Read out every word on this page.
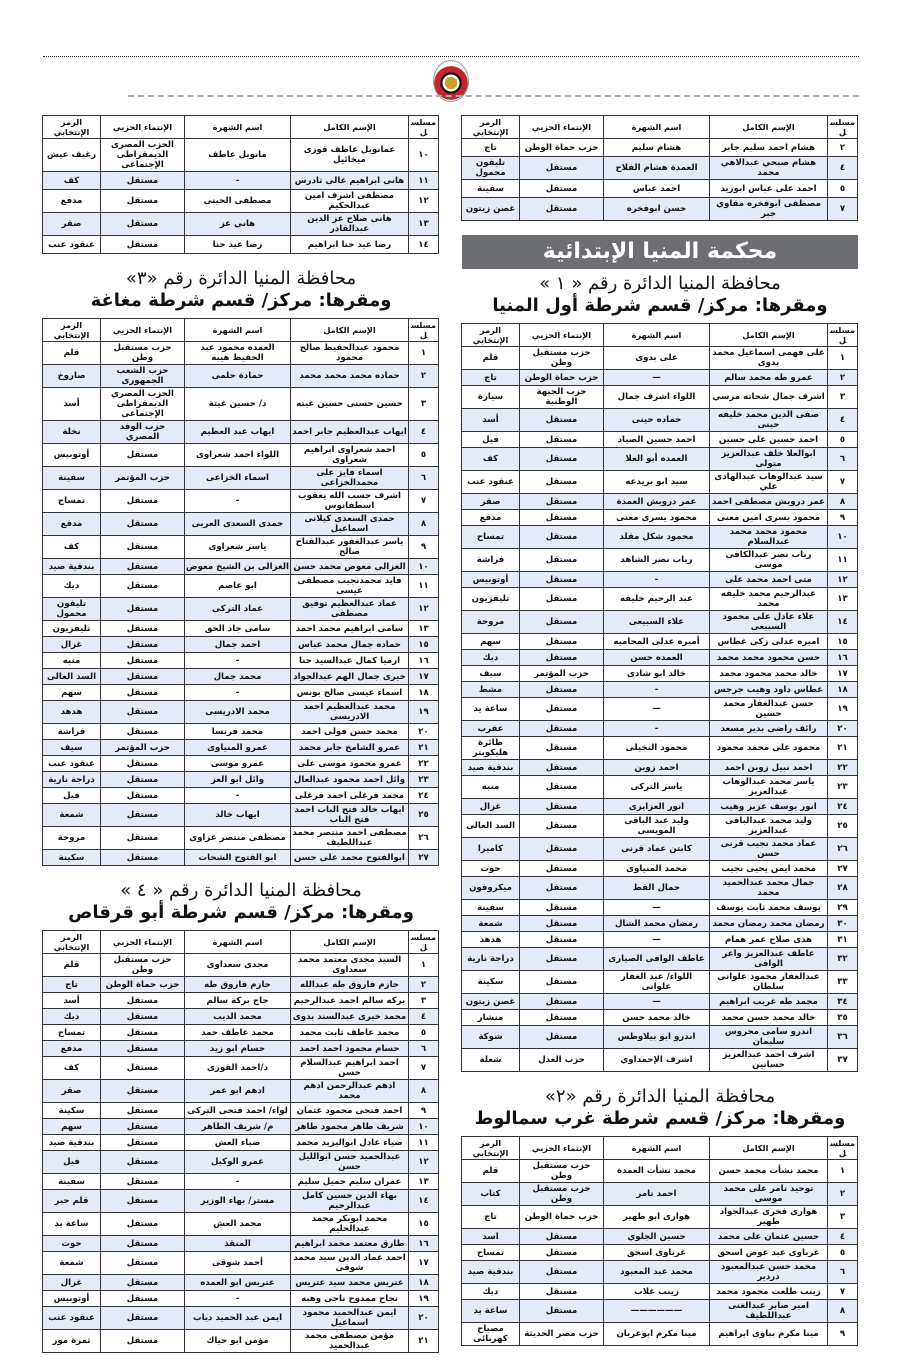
مسلسل	الإسم الكامل	اسم الشهرة	الإنتماء الحزبي	الرمز الإنتخابي
٢	هشام احمد سليم جابر	هشام سليم	حزب حماة الوطن	تاج
٤	هشام صبحي عبدالاهي محمد	العمدة هشام الفلاح	مستقل	تليفون محمول
٥	احمد على عباس ابوزيد	احمد عباس	مستقل	سفينة
٧	مصطفى ابوفخره مقاوي جبر	حسن ابوفخره	مستقل	غصن زيتون
محكمة المنيا الإبتدائية
محافظة المنيا الدائرة رقم « ١ »
ومقرها: مركز/ قسم شرطة أول المنيا
مسلسل	الإسم الكامل	اسم الشهرة	الإنتماء الحزبي	الرمز الإنتخابي
١	على فهمى اسماعيل محمد بدوى	على بدوى	حزب مستقبل وطن	قلم
٢	عمرو طه محمد سالم	—	حزب حماة الوطن	تاج
٣	اشرف جمال شحاته مرسي	اللواء اشرف جمال	حزب الجبهة الوطنية	سيارة
٤	صفى الدين محمد خليفه حينى	حماده حينى	مستقل	أسد
٥	احمد حسين على حسين	احمد حسين الصياد	مستقل	فيل
٦	ابوالعلا خلف عبدالعزيز متولى	العمده أبو العلا	مستقل	كف
٧	سيد عبدالوهاب عبدالهادى علي	سيد ابو بريدعه	مستقل	عنقود عنب
٨	عمر درويش مصطفى احمد	عمر درويش العمدة	مستقل	صقر
٩	محمود يسرى امين معنى	محمود يسرى معنى	مستقل	مدفع
١٠	محمود محمد محمد عبدالسلام	محمود شكل مقلد	مستقل	تمساح
١١	رباب نصر عبدالكافى موسى	رباب نصر الشاهد	مستقل	فراشة
١٢	متى احمد محمد على	-	مستقل	أوتوبيس
١٣	عبدالرحيم محمد خليفه محمد	عبد الرحيم خليفه	مستقل	تليفزيون
١٤	علاء عادل على محمود السبيعى	علاء السبيعى	مستقل	مروحة
١٥	اميره عدلى زكى غطاس	أميره عدلى المحاميه	مستقل	سهم
١٦	حسن محمود محمد محمد	العمده حسن	مستقل	ديك
١٧	خالد محمد محمود محمد	خالد ابو شادى	حزب المؤتمر	سيف
١٨	غطاس داود وهيب جرجس	-	مستقل	مشط
١٩	حسن عبدالغفار محمد حسين	—	مستقل	ساعة يد
٢٠	رائف راضى بدير مسعد	-	مستقل	عقرب
٢١	محمود على محمد محمود	محمود النخيلى	مستقل	طائرة هليكوبتر
٢٢	احمد نبيل زوين احمد	احمد زوين	مستقل	بندقية صيد
٢٣	ياسر محمد عبدالوهاب عبدالعزيز	ياسر التركى	مستقل	منبه
٢٤	انور يوسف عزيز وهيب	انور العزايزى	مستقل	غزال
٢٥	وليد محمد عبدالباقى عبدالعزيز	وليد عبد الباقى المويسى	مستقل	السد العالى
٢٦	عماد محمد نجيب قرنى حسن	كابتن عماد قرنى	مستقل	كاميرا
٢٧	محمد ايمن يحيى نجيب	محمد المنياوى	مستقل	حوت
٢٨	جمال محمد عبدالحميد محمد	جمال القط	مستقل	ميكروفون
٢٩	يوسف محمد ثابت يوسف	—	مستقل	سفينة
٣٠	رمضان محمد رمضان محمد	رمضان محمد الشال	مستقل	شمعة
٣١	هدى صلاح عمر همام	—	مستقل	هدهد
٣٢	عاطف عبدالعزيز واعر الوافى	عاطف الوافى الصيارى	مستقل	دراجة نارية
٣٣	عبدالغفار محمود علوانى سلطان	اللواء/ عبد الغفار علوانى	مستقل	سكينة
٣٤	محمد طه غريب ابراهيم	—	مستقل	غصن زيتون
٣٥	خالد محمد حسن محمد	خالد محمد حسن	مستقل	منشار
٣٦	اندرو سامى محروس سليمان	اندرو ابو بيلاوطس	مستقل	شوكة
٣٧	اشرف احمد عبدالعزيز حسانين	اشرف الإحمداوي	حزب العدل	شعلة
محافظة المنيا الدائرة رقم «٢»
ومقرها: مركز/ قسم شرطة غرب سمالوط
مسلسل	الإسم الكامل	اسم الشهرة	الإنتماء الحزبي	الرمز الإنتخابي
١	محمد نشأت محمد حسن	محمد نشأت العمدة	حزب مستقبل وطن	قلم
٢	توحيد تامر على محمد موسى	احمد تامر	حزب مستقبل وطن	كتاب
٣	هوارى فخرى عبدالجواد طهير	هوارى ابو طهير	حزب حماة الوطن	تاج
٤	حسين عثمان على محمد	حسين الجلوي	مستقل	اسد
٥	غرباوى عبد عوض اسحق	غرباوى اسحق	مستقل	تمساح
٦	محمد حسن عبدالمعبود دردير	محمد عبد المعبود	مستقل	بندقية صيد
٧	زينب طلعت محمود محمد	زينب غلاب	مستقل	ديك
٨	امير صابر عبدالغنى عبداللطيف	——————	مستقل	ساعة يد
٩	مينا مكرم بباوى ابراهيم	مينا مكرم ابوعريان	حزب مصر الحديثة	مصباح كهربائى
مسلسل	الإسم الكامل	اسم الشهرة	الإنتماء الحزبي	الرمز الإنتخابي
١٠	عمانويل عاطف فوزى ميخائيل	مانويل عاطف	الحزب المصرى الديمقراطى الإجتماعى	رغيف عيش
١١	هانى ابراهيم غالى تادرس	-	مستقل	كف
١٢	مصطفى اشرف امين عبدالحكيم	مصطفى الحينى	مستقل	مدفع
١٣	هانى صلاح عز الدين عبدالقادر	هاني عز	مستقل	صقر
١٤	رضا عيد حنا ابراهيم	رضا عيد حنا	مستقل	عنقود عنب
محافظة المنيا الدائرة رقم «٣»
ومقرها: مركز/ قسم شرطة مغاغة
مسلسل	الإسم الكامل	اسم الشهرة	الإنتماء الحزبي	الرمز الإنتخابي
١	محمود عبدالحفيظ صالح محمود	العمده محمود عبد الحفيظ هيبه	حزب مستقبل وطن	قلم
٢	حماده محمد محمد محمد	حمادة حلمى	حزب الشعب الجمهورى	صاروخ
٣	حسين حسنى حسين غيته	د/ حسين غيتة	الحزب المصري الديمقراطى الإجتماعى	أسد
٤	ايهاب عبدالعظيم جابر احمد	ايهاب عبد العظيم	حزب الوفد المصري	نخلة
٥	احمد شعراوى ابراهيم شعراوى	اللواء احمد شعراوى	مستقل	أوتوبيس
٦	اسماء فايز على محمدالخزاعى	اسماء الخزاعى	حزب المؤتمر	سفينة
٧	اشرف حسب الله يعقوب اسطفانوس	-	مستقل	تمساح
٨	حمدى السعدى كيلانى اسماعيل	حمدى السعدى العربى	مستقل	مدفع
٩	ياسر عبدالغفور عبدالفتاح صالح	ياسر شعراوى	مستقل	كف
١٠	الغزالى معوض محمد حسن	الغزالى بن الشيخ معوض	مستقل	بندقية صيد
١١	فايد محمدنجيب مصطفى عيسى	ابو عاصم	مستقل	ديك
١٢	عماد عبدالعظيم توفيق مصطفى	عماد التركى	مستقل	تليفون محمول
١٣	سامى ابراهيم محمد احمد	سامى جاد الحق	مستقل	تليفزيون
١٥	حماده جمال محمد عباس	احمد جمال	مستقل	غزال
١٦	ارميا كمال عبدالسيد حنا	-	مستقل	منبه
١٧	خيرى جمال الهم عبدالجواد	محمد جمال	مستقل	السد العالى
١٨	اسماء عيسى صالح يونس	-	مستقل	سهم
١٩	محمد عبدالعظيم احمد الادريسى	محمد الادريسى	مستقل	هدهد
٢٠	محمد حسن فولى احمد	محمد فرنسا	مستقل	فراشة
٢١	عمرو الشامخ جابر محمد	عمرو المنياوى	حزب المؤتمر	سيف
٢٢	عمرو محمود موسى على	عمرو موسى	مستقل	عنقود عنب
٢٣	وائل احمد محمود عبدالعال	وائل ابو العز	مستقل	دراجة نارية
٢٤	محمد فرغلى احمد فرغلى	-	مستقل	فيل
٢٥	ايهاب خالد فتح الباب احمد فتح الباب	ايهاب خالد	مستقل	شمعة
٢٦	مصطفى احمد منتصر محمد عبداللطيف	مصطفى منتصر غزاوى	مستقل	مروحة
٢٧	ابوالفتوح محمد على حسن	ابو الفتوح الشحات	مستقل	سكينة
محافظة المنيا الدائرة رقم « ٤ »
ومقرها: مركز/ قسم شرطة أبو قرقاص
مسلسل	الإسم الكامل	اسم الشهرة	الإنتماء الحزبي	الرمز الإنتخابي
١	السيد مجدى معتمد محمد سعداوى	مجدى سعداوى	حزب مستقبل وطن	قلم
٢	حازم فاروق طه عبدالله	حازم فاروق طه	حزب حماة الوطن	تاج
٣	بركه سالم احمد عبدالرحيم	حاج بركة سالم	مستقل	أسد
٤	محمد خيرى عبدالسند بدوى	محمد الديب	مستقل	ديك
٥	محمد عاطف ثابت محمد	محمد عاطف حمد	مستقل	تمساح
٦	حسام محمود احمد احمد	حسام ابو زيد	مستقل	مدفع
٧	احمد ابراهيم عبدالسلام حسن	د/احمد القورى	مستقل	كف
٨	ادهم عبدالرحمن ادهم محمد	ادهم ابو عمر	مستقل	صقر
٩	احمد فتحى محمود عثمان	لواء/ احمد فتحى التركى	مستقل	سكينة
١٠	شريف طاهر محمود طاهر	م/ شريف الطاهر	مستقل	سهم
١١	ضياء عادل ابواليزيد محمد	ضياء العش	مستقل	بندقية صيد
١٢	عبدالحميد حسن ابوالليل حسن	عمرو الوكيل	مستقل	فيل
١٣	عمران سليم جميل سليم	-	مستقل	سفينة
١٤	بهاء الدين حسين كامل عبدالرحيم	مستر/ بهاء الوزير	مستقل	قلم حبر
١٥	محمد ابوبكر محمد عبدالحليم	محمد العش	مستقل	ساعة يد
١٦	طارق معتمد محمد ابراهيم	المنقذ	مستقل	حوت
١٧	احمد عماد الدين سيد محمد شوقى	أحمد شوقى	مستقل	شمعة
١٨	عتريس محمد سيد عتريس	عتريس ابو العمده	مستقل	غزال
١٩	نجاح ممدوح ناجى وهبه	-	مستقل	أوتوبيس
٢٠	ايمن عبدالحميد محمود اسماعيل	ايمن عبد الحميد دياب	مستقل	عنقود عنب
٢١	مؤمن مصطفى محمد عبدالحميد	مؤمن ابو حياك	مستقل	ثمرة موز
